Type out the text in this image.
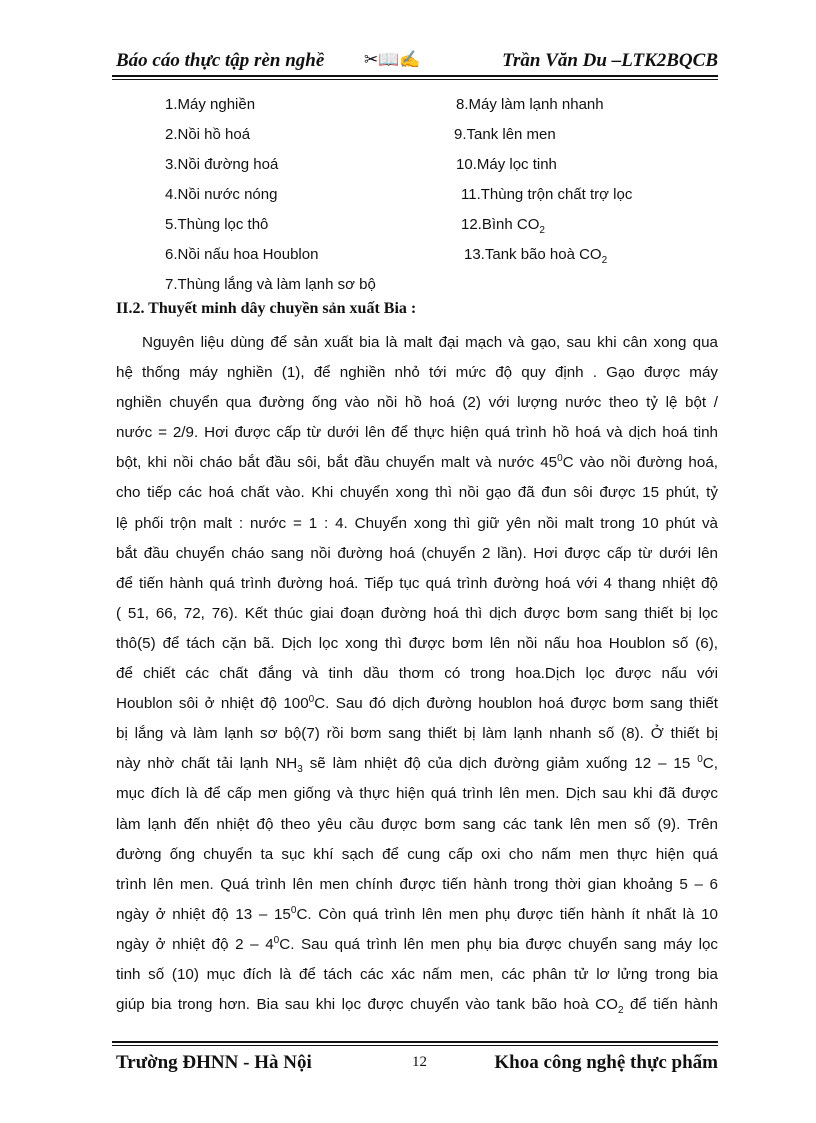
Báo cáo thực tập rèn nghề ✂📖✍	Trần Văn Du –LTK2BQCB
1.Máy nghiền
2.Nồi hồ hoá
3.Nồi đường hoá
4.Nồi nước nóng
5.Thùng lọc thô
6.Nồi nấu hoa Houblon
7.Thùng lắng và làm lạnh sơ bộ
8.Máy làm lạnh nhanh
9.Tank lên men
10.Máy lọc tinh
11.Thùng trộn chất trợ lọc
12.Bình $CO_2$
13.Tank bão hoà $CO_2$
II.2. Thuyết minh dây chuyền sản xuất Bia :
Nguyên liệu dùng để sản xuất bia là malt đại mạch và gạo, sau khi cân xong qua
hệ thống máy nghiền (1), để nghiền nhỏ tới mức độ quy định . Gạo được máy
nghiền chuyển qua đường ống vào nồi hồ hoá (2) với lượng nước theo tỷ lệ bột /
nước = 2/9. Hơi được cấp từ dưới lên để thực hiện quá trình hồ hoá và dịch hoá tinh
bột, khi nồi cháo bắt đầu sôi, bắt đầu chuyển malt và nước $45^0C$ vào nồi đường hoá,
cho tiếp các hoá chất vào. Khi chuyển xong thì nồi gạo đã đun sôi được 15 phút, tỷ
lệ phối trộn malt : nước = 1 : 4. Chuyển xong thì giữ yên nồi malt trong 10 phút và
bắt đầu chuyển cháo sang nồi đường hoá (chuyển 2 lần). Hơi được cấp từ dưới lên
để tiến hành quá trình đường hoá. Tiếp tục quá trình đường hoá với 4 thang nhiệt độ
( 51, 66, 72, 76). Kết thúc giai đoạn đường hoá thì dịch được bơm sang thiết bị lọc
thô(5) để tách cặn bã. Dịch lọc xong thì được bơm lên nồi nấu hoa Houblon số (6),
để chiết các chất đắng và tinh dầu thơm có trong hoa.Dịch lọc được nấu với
Houblon sôi ở nhiệt độ $100^0C$. Sau đó dịch đường houblon hoá được bơm sang thiết
bị lắng và làm lạnh sơ bộ(7) rồi bơm sang thiết bị làm lạnh nhanh số (8). Ở thiết bị
này nhờ chất tải lạnh $NH_3$ sẽ làm nhiệt độ của dịch đường giảm xuống 12 – 15 $^0$C,
mục đích là để cấp men giống và thực hiện quá trình lên men. Dịch sau khi đã được
làm lạnh đến nhiệt độ theo yêu cầu được bơm sang các tank lên men số (9). Trên
đường ống chuyển ta sục khí sạch để cung cấp oxi cho nấm men thực hiện quá
trình lên men. Quá trình lên men chính được tiến hành trong thời gian khoảng 5 – 6
ngày ở nhiệt độ $13 - 15^0C$. Còn quá trình lên men phụ được tiến hành ít nhất là 10
ngày ở nhiệt độ $2 - 4^0C$. Sau quá trình lên men phụ bia được chuyển sang máy lọc
tinh số (10) mục đích là để tách các xác nấm men, các phân tử lơ lửng trong bia
giúp bia trong hơn. Bia sau khi lọc được chuyển vào tank bão hoà $CO_2$ để tiến hành
Trường ĐHNN - Hà Nội	12	Khoa công nghệ thực phẩm
